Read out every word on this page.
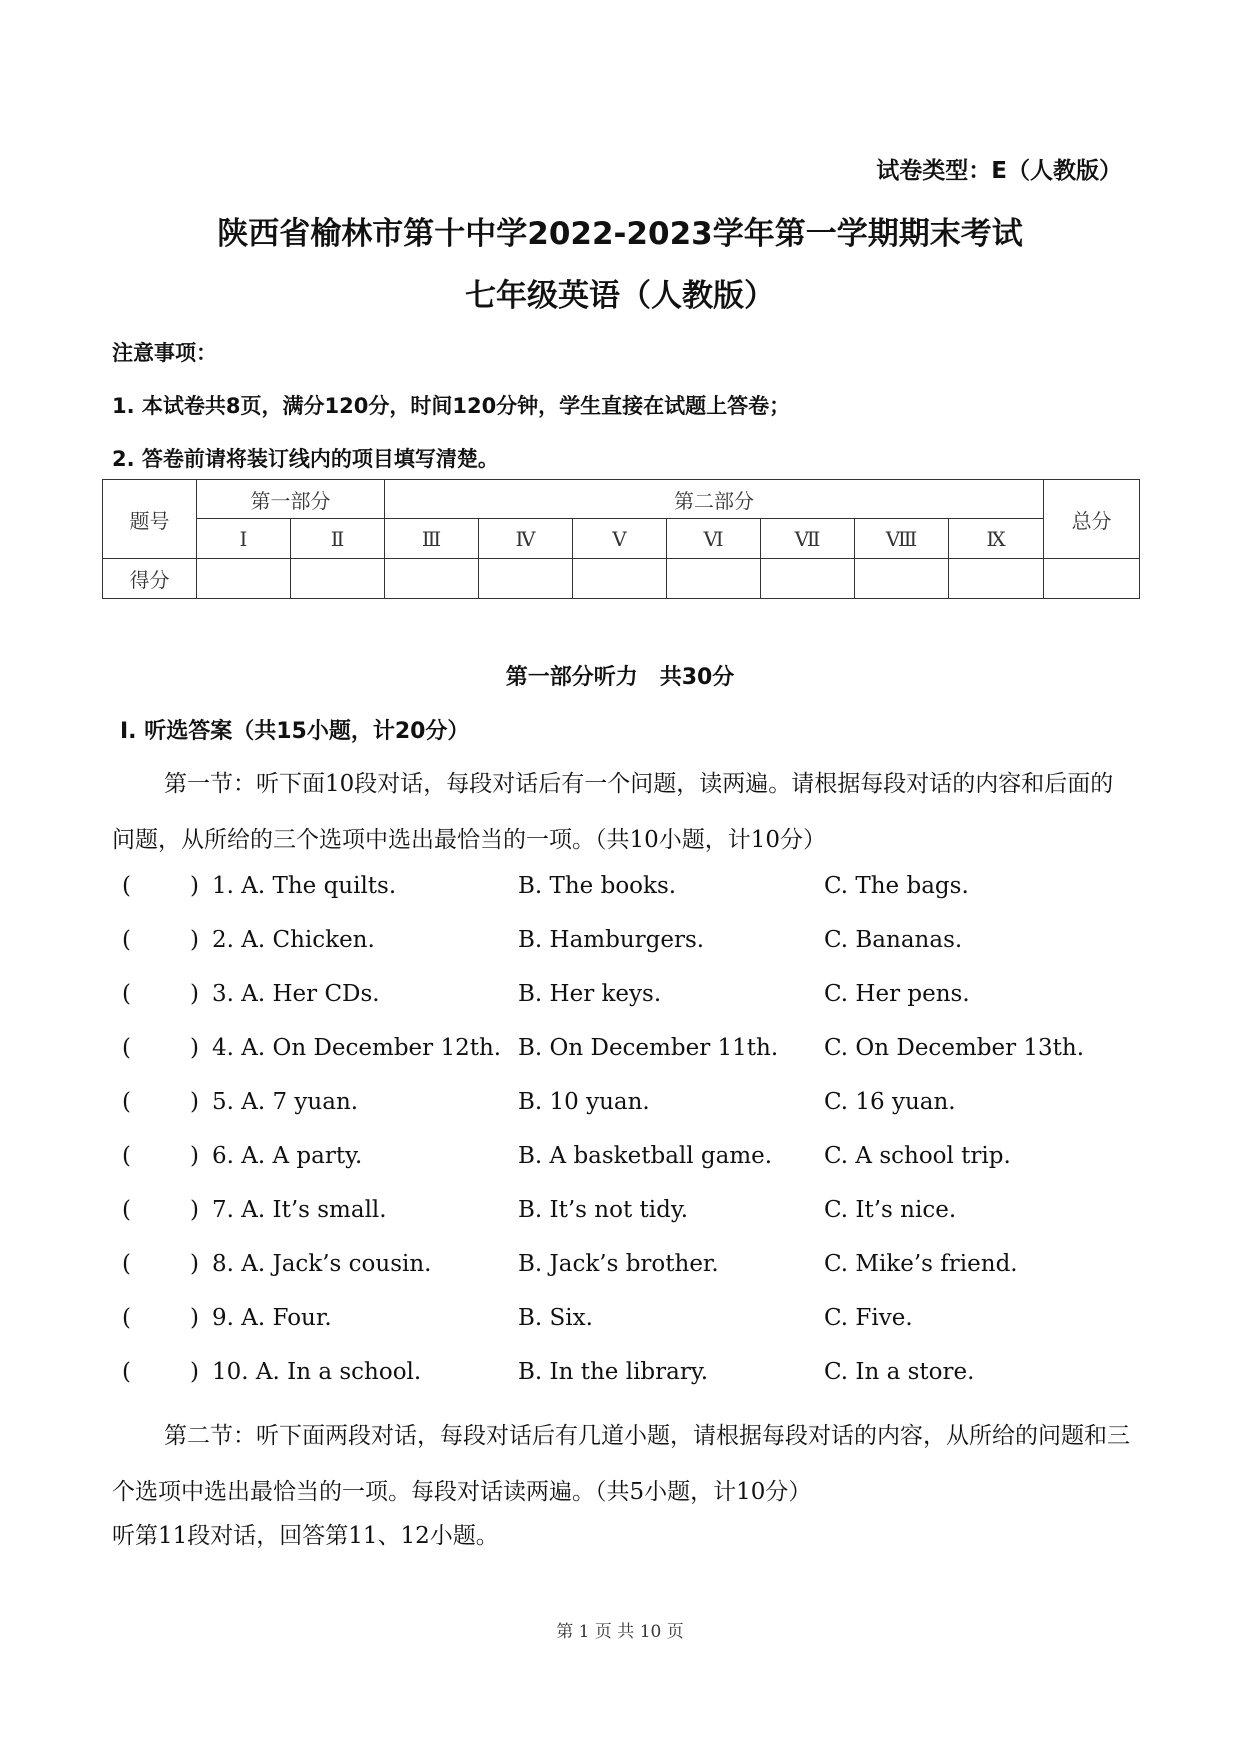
试卷类型：E（人教版）
陕西省榆林市第十中学2022-2023学年第一学期期末考试
七年级英语（人教版）
注意事项：
1. 本试卷共8页，满分120分，时间120分钟，学生直接在试题上答卷；
2. 答卷前请将装订线内的项目填写清楚。
题号	第一部分		第二部分							总分
	Ⅰ	Ⅱ	Ⅲ	Ⅳ	Ⅴ	Ⅵ	Ⅶ	Ⅷ	Ⅸ	
得分										
第一部分听力　共30分
Ⅰ. 听选答案（共15小题，计20分）
第一节：听下面10段对话，每段对话后有一个问题，读两遍。请根据每段对话的内容和后面的问题，从所给的三个选项中选出最恰当的一项。（共10小题，计10分）
(	) 1. A. The quilts.	B. The books.	C. The bags.
(	) 2. A. Chicken.	B. Hamburgers.	C. Bananas.
(	) 3. A. Her CDs.	B. Her keys.	C. Her pens.
(	) 4. A. On December 12th. B. On December 11th. C. On December 13th.
(	) 5. A. 7 yuan.	B. 10 yuan.	C. 16 yuan.
(	) 6. A. A party.	B. A basketball game. C. A school trip.
(	) 7. A. It’s small.	B. It’s not tidy.	C. It’s nice.
(	) 8. A. Jack’s cousin.	B. Jack’s brother.	C. Mike’s friend.
(	) 9. A. Four.	B. Six.	C. Five.
(	) 10. A. In a school.	B. In the library.	C. In a store.
第二节：听下面两段对话，每段对话后有几道小题，请根据每段对话的内容，从所给的问题和三个选项中选出最恰当的一项。每段对话读两遍。（共5小题，计10分）
听第11段对话，回答第11、12小题。
第 1 页 共 10 页
